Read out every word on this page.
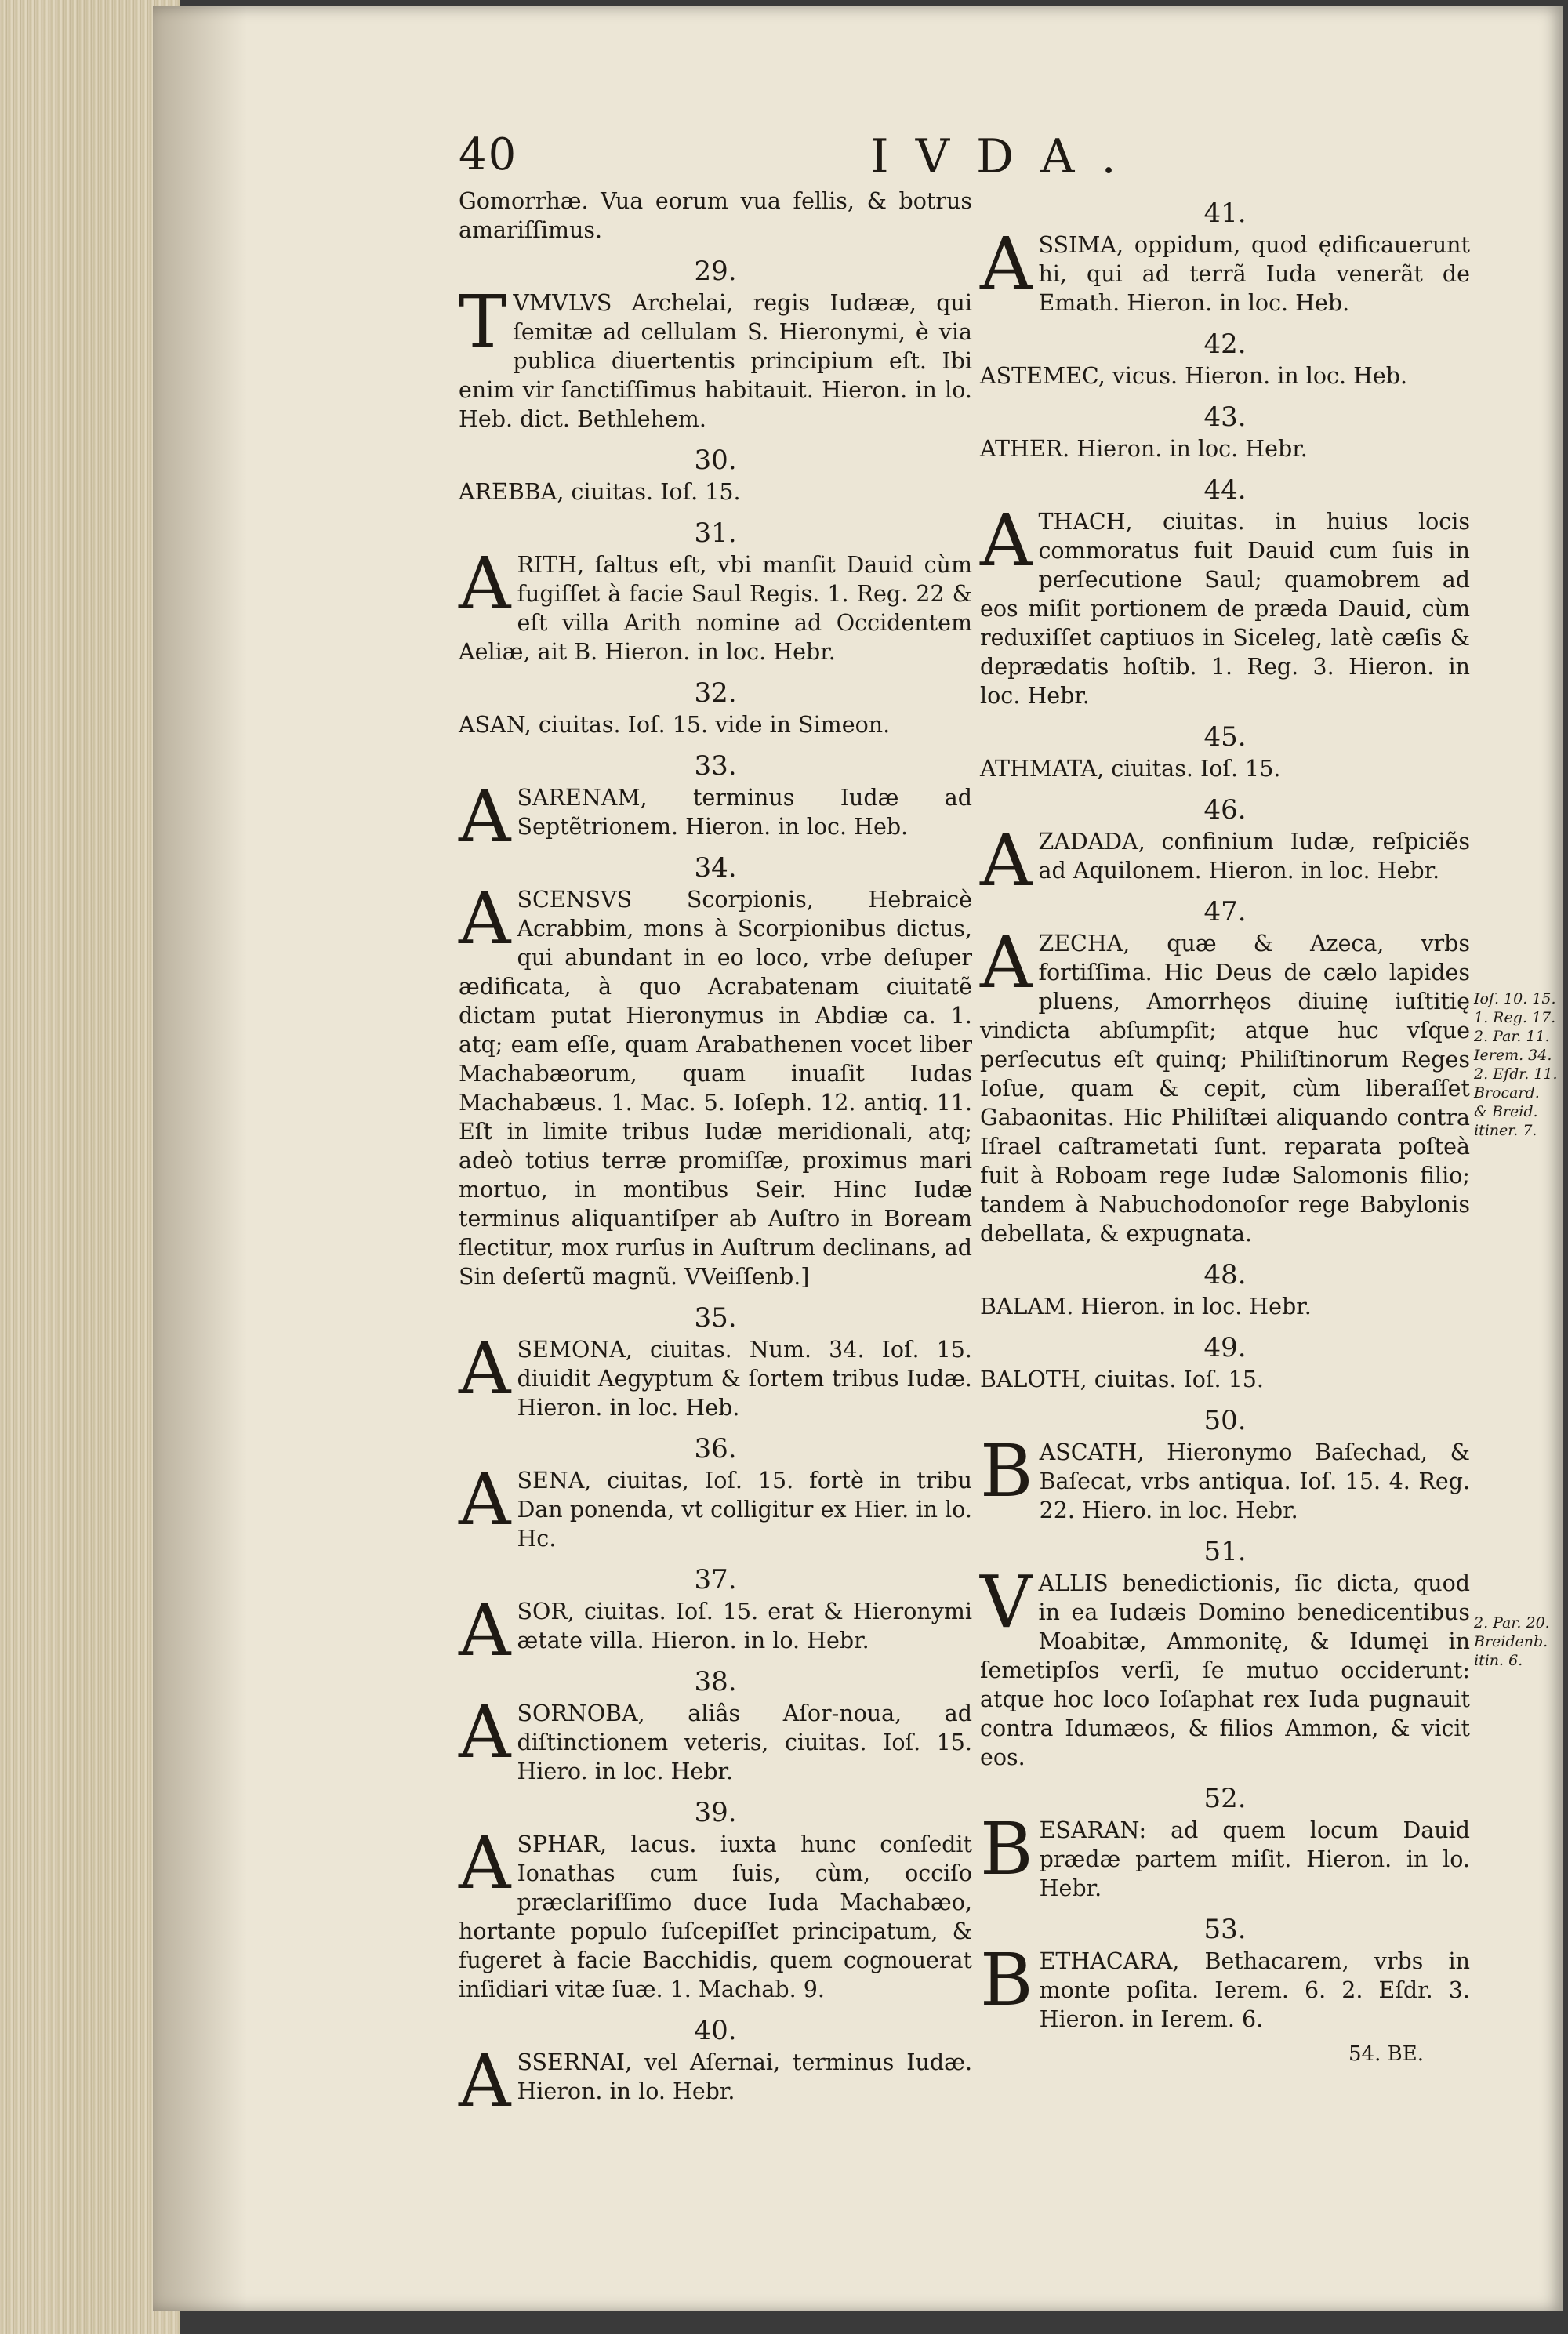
40	IVDA.

Gomorrhæ. Vua eorum vua fellis, & botrus amariſſimus.

29.

TVMVLVS Archelai, regis Iudææ, qui ſemitæ ad cellulam S. Hieronymi, è via publica diuertentis principium eſt. Ibi enim vir ſanctiſſimus habitauit. Hieron. in lo. Heb. dict. Bethlehem.

30.

AREBBA, ciuitas. Ioſ. 15.

31.

ARITH, ſaltus eſt, vbi manſit Dauid cùm fugiſſet à facie Saul Regis. 1. Reg. 22 & eſt villa Arith nomine ad Occidentem Aeliæ, ait B. Hieron. in loc. Hebr.

32.

ASAN, ciuitas. Ioſ. 15. vide in Simeon.

33.

ASARENAM, terminus Iudæ ad Septẽtrionem. Hieron. in loc. Heb.

34.

ASCENSVS Scorpionis, Hebraicè Acrabbim, mons à Scorpionibus dictus, qui abundant in eo loco, vrbe deſuper ædificata, à quo Acrabatenam ciuitatẽ dictam putat Hieronymus in Abdiæ ca. 1. atq; eam eſſe, quam Arabathenen vocet liber Machabæorum, quam inuaſit Iudas Machabæus. 1. Mac. 5. Ioſeph. 12. antiq. 11. Eſt in limite tribus Iudæ meridionali, atq; adeò totius terræ promiſſæ, proximus mari mortuo, in montibus Seir. Hinc Iudæ terminus aliquantiſper ab Auſtro in Boream flectitur, mox rurſus in Auſtrum declinans, ad Sin deſertũ magnũ. VVeiſſenb.]

35.

ASEMONA, ciuitas. Num. 34. Ioſ. 15. diuidit Aegyptum & ſortem tribus Iudæ. Hieron. in loc. Heb.

36.

ASENA, ciuitas, Ioſ. 15. fortè in tribu Dan ponenda, vt colligitur ex Hier. in lo. Hc.

37.

ASOR, ciuitas. Ioſ. 15. erat & Hieronymi ætate villa. Hieron. in lo. Hebr.

38.

ASORNOBA, aliâs Aſor-noua, ad diſtinctionem veteris, ciuitas. Ioſ. 15. Hiero. in loc. Hebr.

39.

ASPHAR, lacus. iuxta hunc conſedit Ionathas cum ſuis, cùm, occiſo præclariſſimo duce Iuda Machabæo, hortante populo ſuſcepiſſet principatum, & fugeret à facie Bacchidis, quem cognouerat inſidiari vitæ ſuæ. 1. Machab. 9.

40.

ASSERNAI, vel Aſernai, terminus Iudæ. Hieron. in lo. Hebr.

41.

ASSIMA, oppidum, quod ędificauerunt hi, qui ad terrã Iuda venerãt de Emath. Hieron. in loc. Heb.

42.

ASTEMEC, vicus. Hieron. in loc. Heb.

43.

ATHER. Hieron. in loc. Hebr.

44.

ATHACH, ciuitas. in huius locis commoratus fuit Dauid cum ſuis in perſecutione Saul; quamobrem ad eos miſit portionem de præda Dauid, cùm reduxiſſet captiuos in Siceleg, latè cæſis & deprædatis hoſtib. 1. Reg. 3. Hieron. in loc. Hebr.

45.

ATHMATA, ciuitas. Ioſ. 15.

46.

AZADADA, confinium Iudæ, reſpiciẽs ad Aquilonem. Hieron. in loc. Hebr.

47.

AZECHA, quæ & Azeca, vrbs fortiſſima. Hic Deus de cælo lapides pluens, Amorrhęos diuinę iuſtitię vindicta abſumpſit; atque huc vſque perſecutus eſt quinq; Philiſtinorum Reges Ioſue, quam & cepit, cùm liberaſſet Gabaonitas. Hic Philiſtæi aliquando contra Iſrael caſtrametati ſunt. reparata poſteà fuit à Roboam rege Iudæ Salomonis filio; tandem à Nabuchodonoſor rege Babylonis debellata, & expugnata.

48.

BALAM. Hieron. in loc. Hebr.

49.

BALOTH, ciuitas. Ioſ. 15.

50.

BASCATH, Hieronymo Baſechad, & Baſecat, vrbs antiqua. Ioſ. 15. 4. Reg. 22. Hiero. in loc. Hebr.

51.

VALLIS benedictionis, ſic dicta, quod in ea Iudæis Domino benedicentibus Moabitæ, Ammonitę, & Idumęi in ſemetipſos verſi, ſe mutuo occiderunt: atque hoc loco Ioſaphat rex Iuda pugnauit contra Idumæos, & filios Ammon, & vicit eos.

52.

BESARAN: ad quem locum Dauid prædæ partem miſit. Hieron. in lo. Hebr.

53.

BETHACARA, Bethacarem, vrbs in monte poſita. Ierem. 6. 2. Eſdr. 3. Hieron. in Ierem. 6.

Ioſ. 10. 15.
1. Reg. 17.
2. Par. 11.
Ierem. 34.
2. Eſdr. 11.
Brocard.
& Breid.
itiner. 7.
2. Par. 20.
Breidenb.
itin. 6.
54. BE.
